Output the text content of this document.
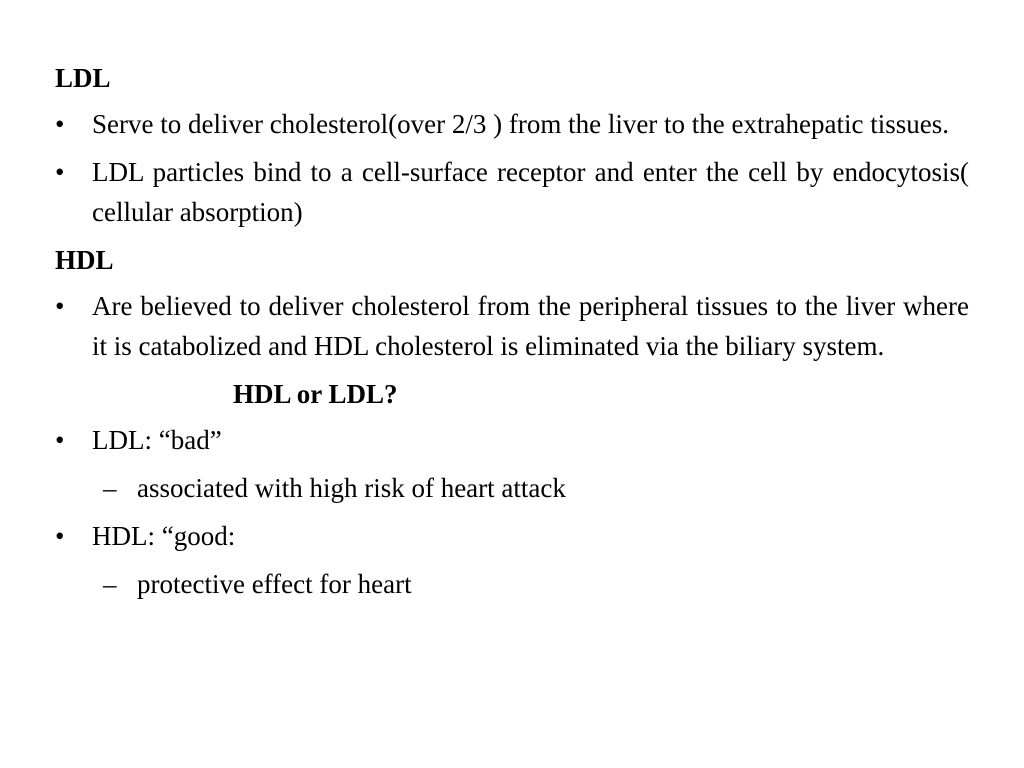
LDL
•	Serve to deliver cholesterol(over 2/3 ) from the liver to the extrahepatic tissues.
•	LDL particles bind to a cell-surface receptor and enter the cell by endocytosis( cellular absorption)
HDL
•	Are believed to deliver cholesterol from the peripheral tissues to the liver where it is catabolized and HDL cholesterol is eliminated via the biliary system.
HDL or LDL?
•	LDL: “bad”
– associated with high risk of heart attack
•	HDL: “good:
– protective effect for heart
